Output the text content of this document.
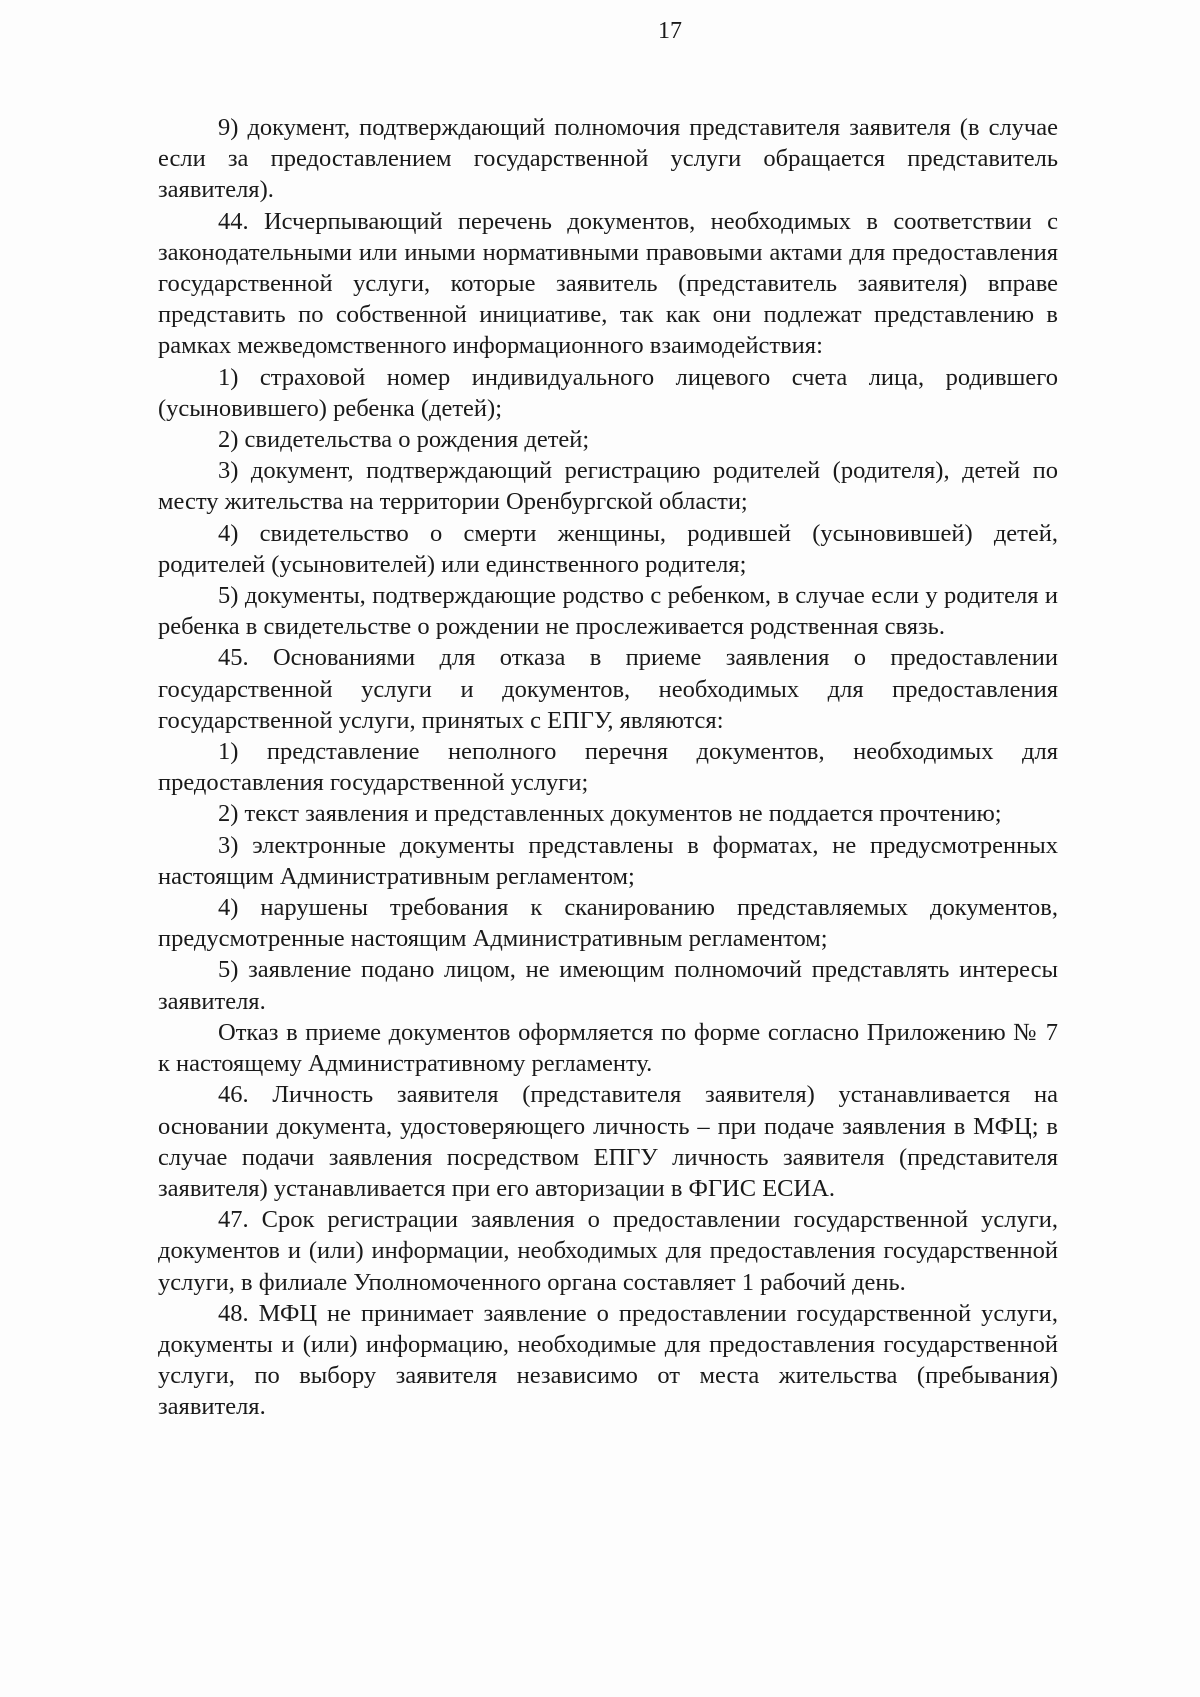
17

9) документ, подтверждающий полномочия представителя заявителя (в случае если за предоставлением государственной услуги обращается представитель заявителя).

44. Исчерпывающий перечень документов, необходимых в соответствии с законодательными или иными нормативными правовыми актами для предоставления государственной услуги, которые заявитель (представитель заявителя) вправе представить по собственной инициативе, так как они подлежат представлению в рамках межведомственного информационного взаимодействия:

1) страховой номер индивидуального лицевого счета лица, родившего (усыновившего) ребенка (детей);

2) свидетельства о рождения детей;

3) документ, подтверждающий регистрацию родителей (родителя), детей по месту жительства на территории Оренбургской области;

4) свидетельство о смерти женщины, родившей (усыновившей) детей, родителей (усыновителей) или единственного родителя;

5) документы, подтверждающие родство с ребенком, в случае если у родителя и ребенка в свидетельстве о рождении не прослеживается родственная связь.

45. Основаниями для отказа в приеме заявления о предоставлении государственной услуги и документов, необходимых для предоставления государственной услуги, принятых с ЕПГУ, являются:

1) представление неполного перечня документов, необходимых для предоставления государственной услуги;

2) текст заявления и представленных документов не поддается прочтению;

3) электронные документы представлены в форматах, не предусмотренных настоящим Административным регламентом;

4) нарушены требования к сканированию представляемых документов, предусмотренные настоящим Административным регламентом;

5) заявление подано лицом, не имеющим полномочий представлять интересы заявителя.

Отказ в приеме документов оформляется по форме согласно Приложению № 7 к настоящему Административному регламенту.

46. Личность заявителя (представителя заявителя) устанавливается на основании документа, удостоверяющего личность – при подаче заявления в МФЦ; в случае подачи заявления посредством ЕПГУ личность заявителя (представителя заявителя) устанавливается при его авторизации в ФГИС ЕСИА.

47. Срок регистрации заявления о предоставлении государственной услуги, документов и (или) информации, необходимых для предоставления государственной услуги, в филиале Уполномоченного органа составляет 1 рабочий день.

48. МФЦ не принимает заявление о предоставлении государственной услуги, документы и (или) информацию, необходимые для предоставления государственной услуги, по выбору заявителя независимо от места жительства (пребывания) заявителя.
